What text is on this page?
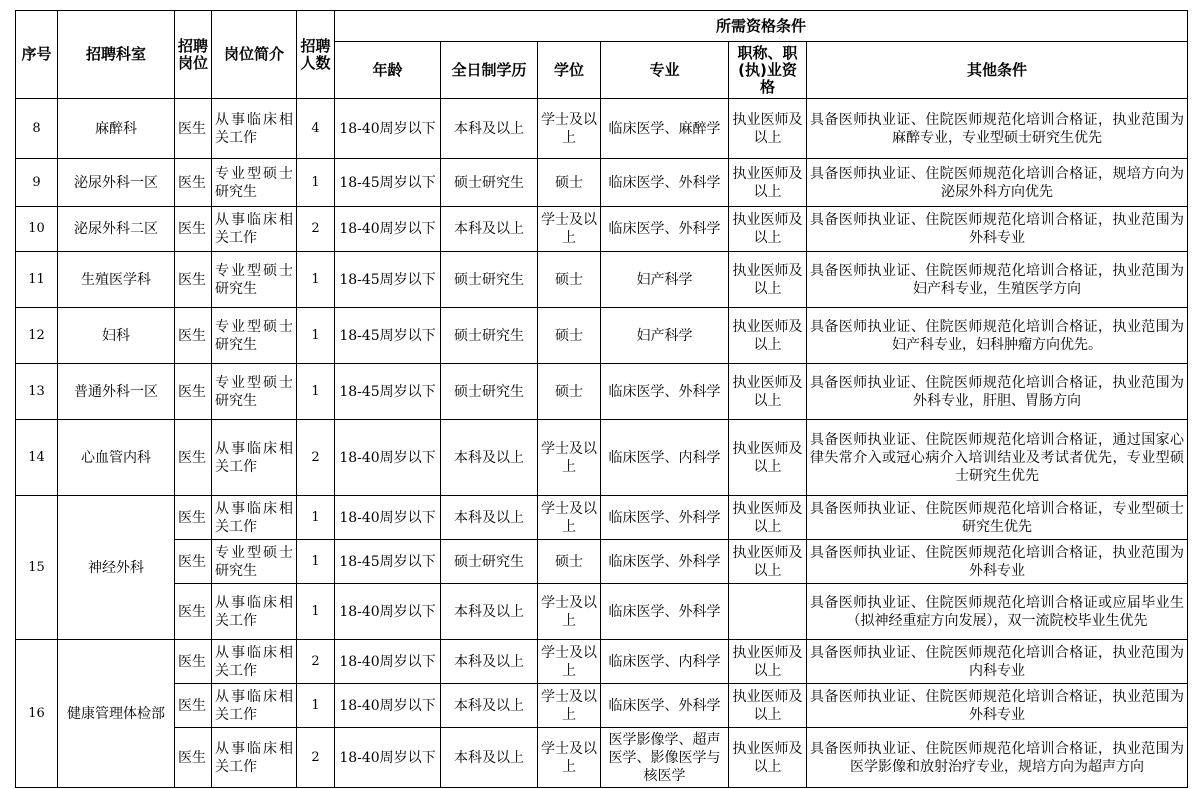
序号	招聘科室	招聘岗位	岗位简介	招聘人数	所需资格条件					
					年龄	全日制学历	学位	专业	职称、职(执)业资格	其他条件
8	麻醉科	医生	从事临床相关工作	4	18-40周岁以下	本科及以上	学士及以上	临床医学、麻醉学	执业医师及以上	具备医师执业证、住院医师规范化培训合格证，执业范围为麻醉专业，专业型硕士研究生优先
9	泌尿外科一区	医生	专业型硕士研究生	1	18-45周岁以下	硕士研究生	硕士	临床医学、外科学	执业医师及以上	具备医师执业证、住院医师规范化培训合格证，规培方向为泌尿外科方向优先
10	泌尿外科二区	医生	从事临床相关工作	2	18-40周岁以下	本科及以上	学士及以上	临床医学、外科学	执业医师及以上	具备医师执业证、住院医师规范化培训合格证，执业范围为外科专业
11	生殖医学科	医生	专业型硕士研究生	1	18-45周岁以下	硕士研究生	硕士	妇产科学	执业医师及以上	具备医师执业证、住院医师规范化培训合格证，执业范围为妇产科专业，生殖医学方向
12	妇科	医生	专业型硕士研究生	1	18-45周岁以下	硕士研究生	硕士	妇产科学	执业医师及以上	具备医师执业证、住院医师规范化培训合格证，执业范围为妇产科专业，妇科肿瘤方向优先。
13	普通外科一区	医生	专业型硕士研究生	1	18-45周岁以下	硕士研究生	硕士	临床医学、外科学	执业医师及以上	具备医师执业证、住院医师规范化培训合格证，执业范围为外科专业，肝胆、胃肠方向
14	心血管内科	医生	从事临床相关工作	2	18-40周岁以下	本科及以上	学士及以上	临床医学、内科学	执业医师及以上	具备医师执业证、住院医师规范化培训合格证，通过国家心律失常介入或冠心病介入培训结业及考试者优先，专业型硕士研究生优先
15	神经外科	医生	从事临床相关工作	1	18-40周岁以下	本科及以上	学士及以上	临床医学、外科学	执业医师及以上	具备医师执业证、住院医师规范化培训合格证，专业型硕士研究生优先
		医生	专业型硕士研究生	1	18-45周岁以下	硕士研究生	硕士	临床医学、外科学	执业医师及以上	具备医师执业证、住院医师规范化培训合格证，执业范围为外科专业
		医生	从事临床相关工作	1	18-40周岁以下	本科及以上	学士及以上	临床医学、外科学		具备医师执业证、住院医师规范化培训合格证或应届毕业生（拟神经重症方向发展），双一流院校毕业生优先
16	健康管理体检部	医生	从事临床相关工作	2	18-40周岁以下	本科及以上	学士及以上	临床医学、内科学	执业医师及以上	具备医师执业证、住院医师规范化培训合格证，执业范围为内科专业
		医生	从事临床相关工作	1	18-40周岁以下	本科及以上	学士及以上	临床医学、外科学	执业医师及以上	具备医师执业证、住院医师规范化培训合格证，执业范围为外科专业
		医生	从事临床相关工作	2	18-40周岁以下	本科及以上	学士及以上	医学影像学、超声医学、影像医学与核医学	执业医师及以上	具备医师执业证、住院医师规范化培训合格证，执业范围为医学影像和放射治疗专业，规培方向为超声方向
